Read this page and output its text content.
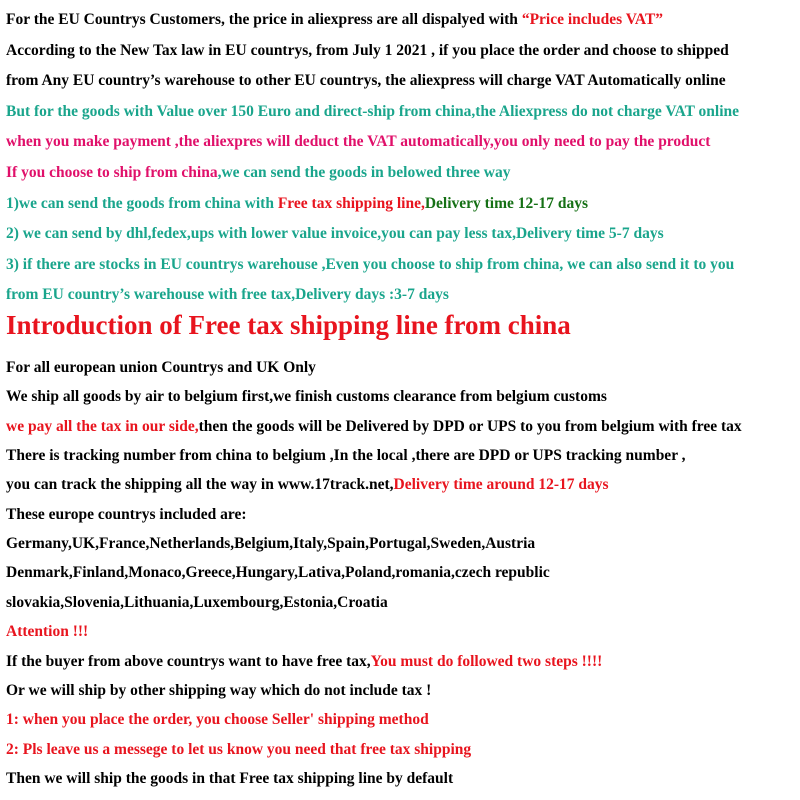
For the EU Countrys Customers, the price in aliexpress are all dispalyed with “Price includes VAT”
According to the New Tax law in EU countrys, from July 1 2021 , if you place the order and choose to shipped
from Any EU country’s warehouse to other EU countrys, the aliexpress will charge VAT Automatically online
But for the goods with Value over 150 Euro and direct-ship from china,the Aliexpress do not charge VAT online
when you make payment ,the aliexpres will deduct the VAT automatically,you only need to pay the product
If you choose to ship from china,we can send the goods in belowed three way
1)we can send the goods from china with Free tax shipping line,Delivery time 12-17 days
2) we can send by dhl,fedex,ups with lower value invoice,you can pay less tax,Delivery time 5-7 days
3) if there are stocks in EU countrys warehouse ,Even you choose to ship from china, we can also send it to you
from EU country’s warehouse with free tax,Delivery days :3-7 days
Introduction of Free tax shipping line from china
For all european union Countrys and UK Only
We ship all goods by air to belgium first,we finish customs clearance from belgium customs
we pay all the tax in our side,then the goods will be Delivered by DPD or UPS to you from belgium with free tax
There is tracking number from china to belgium ,In the local ,there are DPD or UPS tracking number ,
you can track the shipping all the way in www.17track.net,Delivery time around 12-17 days
These europe countrys included are:
Germany,UK,France,Netherlands,Belgium,Italy,Spain,Portugal,Sweden,Austria
Denmark,Finland,Monaco,Greece,Hungary,Lativa,Poland,romania,czech republic
slovakia,Slovenia,Lithuania,Luxembourg,Estonia,Croatia
Attention !!!
If the buyer from above countrys want to have free tax,You must do followed two steps !!!!
Or we will ship by other shipping way which do not include tax !
1: when you place the order, you choose Seller' shipping method
2: Pls leave us a messege to let us know you need that free tax shipping
Then we will ship the goods in that Free tax shipping line by default
